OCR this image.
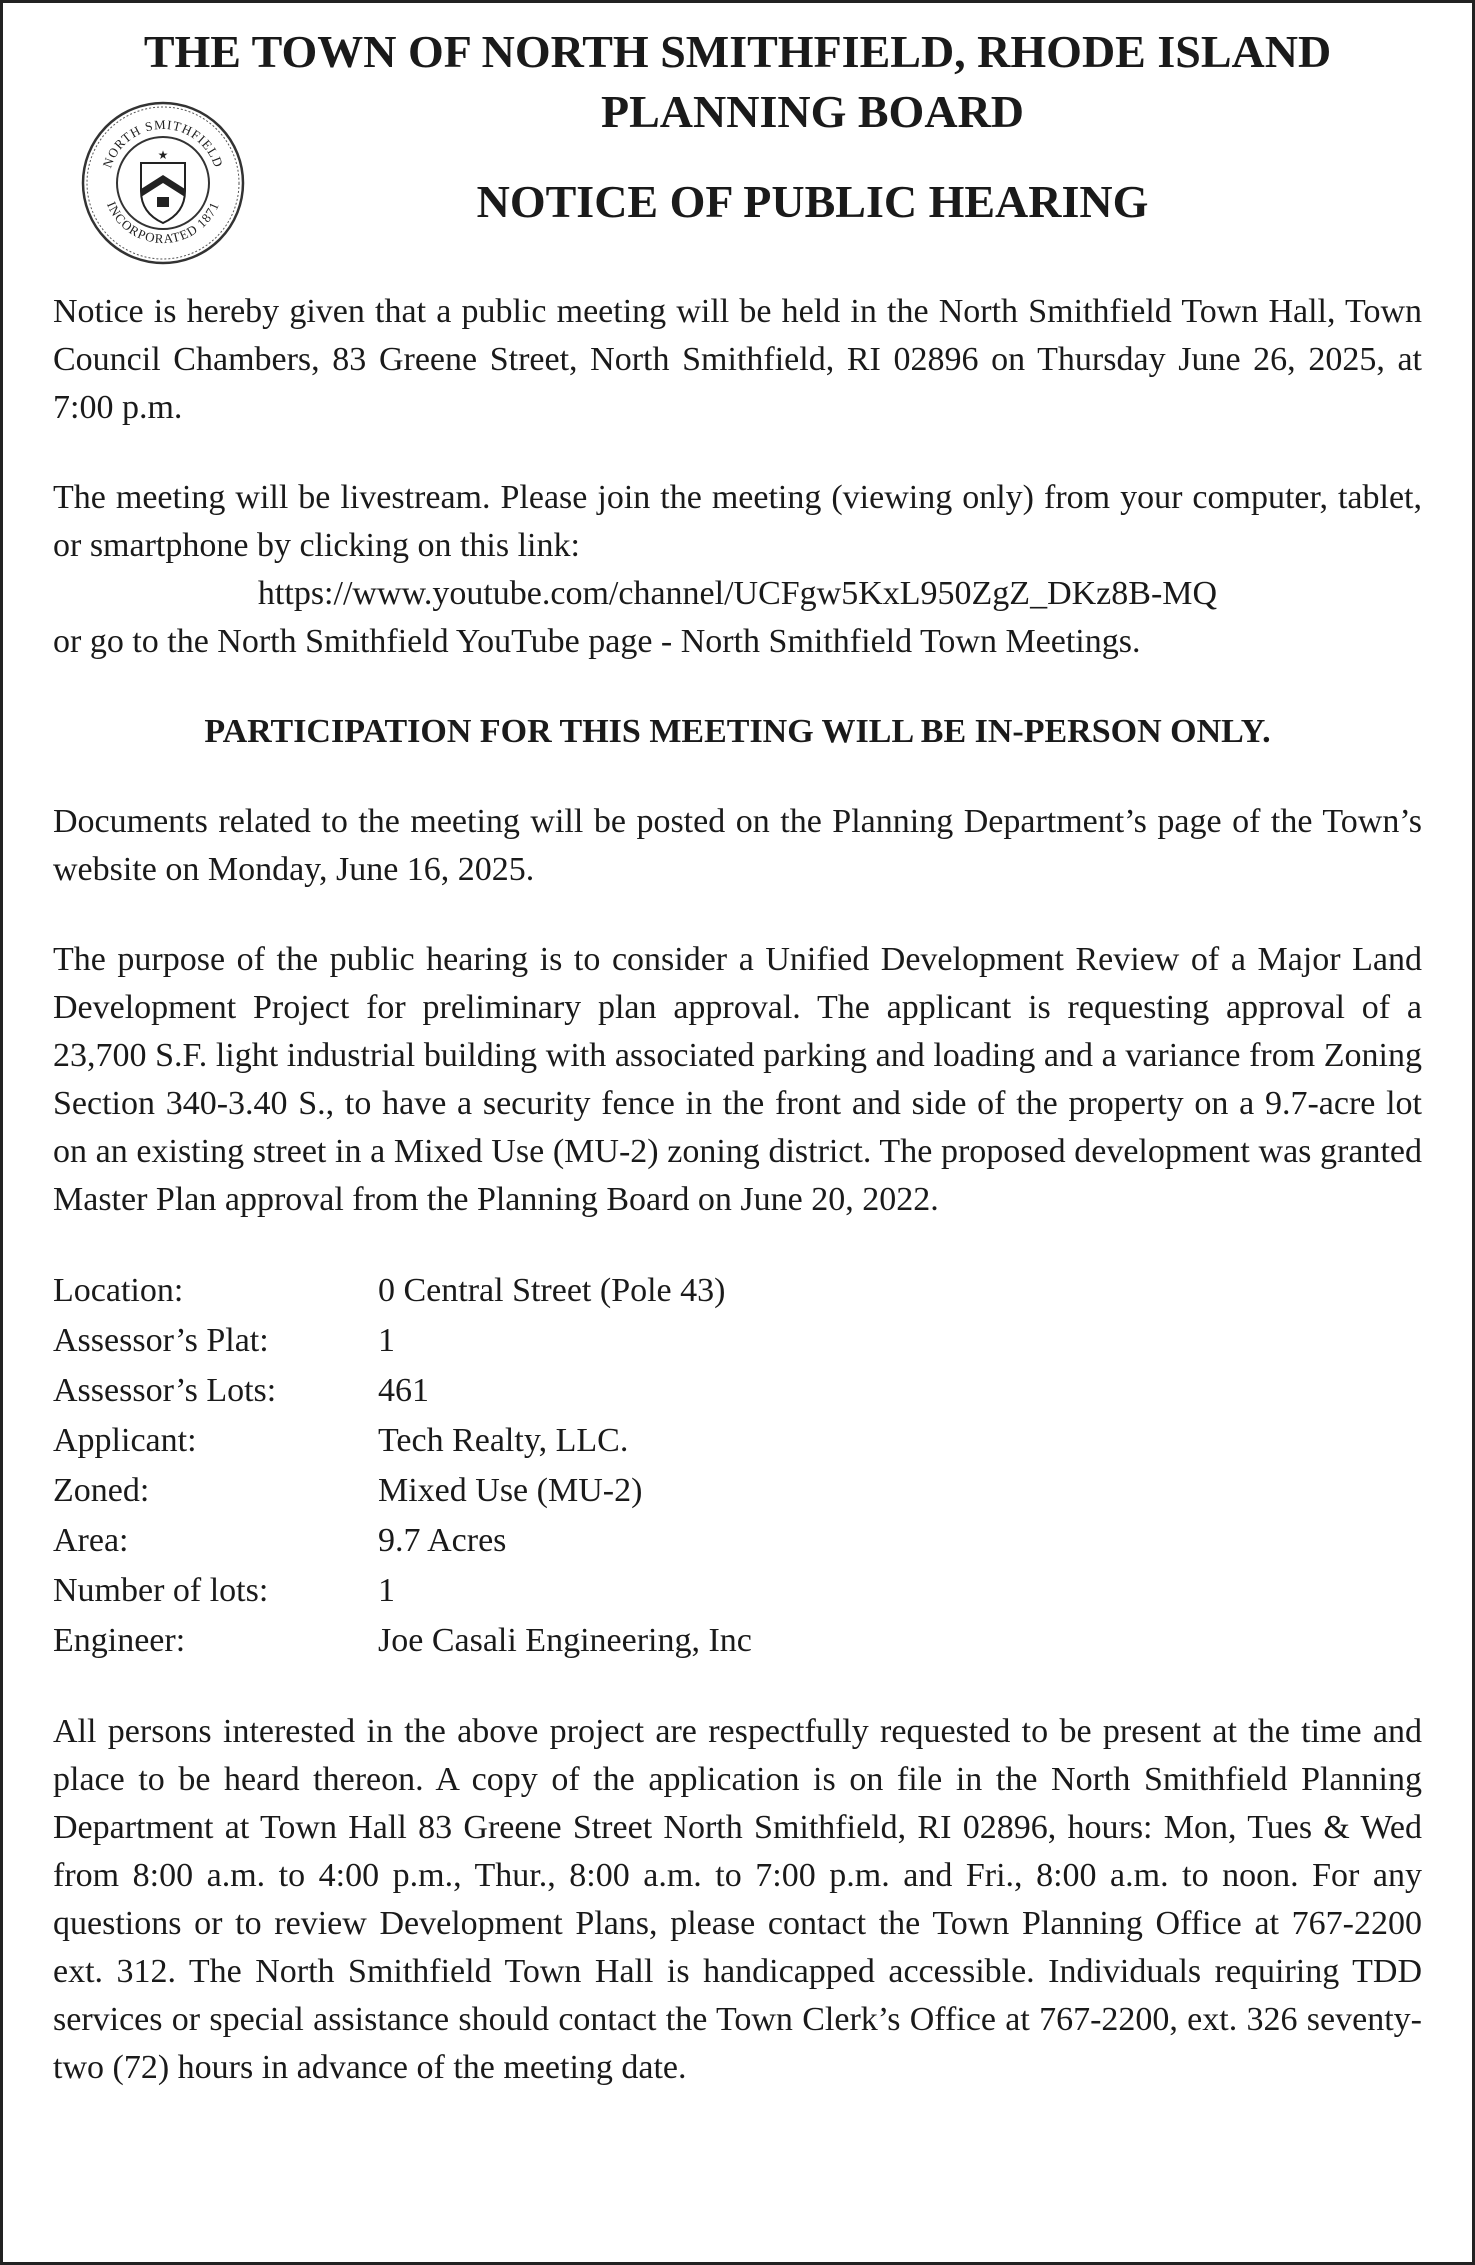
THE TOWN OF NORTH SMITHFIELD, RHODE ISLAND
PLANNING BOARD
NOTICE OF PUBLIC HEARING
NORTH SMITHFIELD
INCORPORATED 1871
★

Notice is hereby given that a public meeting will be held in the North Smithfield Town Hall, Town Council Chambers, 83 Greene Street, North Smithfield, RI 02896 on Thursday June 26, 2025, at 7:00 p.m.

The meeting will be livestream. Please join the meeting (viewing only) from your computer, tablet, or smartphone by clicking on this link:
https://www.youtube.com/channel/UCFgw5KxL950ZgZ_DKz8B-MQ
or go to the North Smithfield YouTube page - North Smithfield Town Meetings.

PARTICIPATION FOR THIS MEETING WILL BE IN-PERSON ONLY.

Documents related to the meeting will be posted on the Planning Department’s page of the Town’s website on Monday, June 16, 2025.

The purpose of the public hearing is to consider a Unified Development Review of a Major Land Development Project for preliminary plan approval. The applicant is requesting approval of a 23,700 S.F. light industrial building with associated parking and loading and a variance from Zoning Section 340-3.40 S., to have a security fence in the front and side of the property on a 9.7-acre lot on an existing street in a Mixed Use (MU-2) zoning district. The proposed development was granted Master Plan approval from the Planning Board on June 20, 2022.

Location:	0 Central Street (Pole 43)
Assessor’s Plat:	1
Assessor’s Lots:	461
Applicant:	Tech Realty, LLC.
Zoned:	Mixed Use (MU-2)
Area:	9.7 Acres
Number of lots:	1
Engineer:	Joe Casali Engineering, Inc

All persons interested in the above project are respectfully requested to be present at the time and place to be heard thereon. A copy of the application is on file in the North Smithfield Planning Department at Town Hall 83 Greene Street North Smithfield, RI 02896, hours: Mon, Tues & Wed from 8:00 a.m. to 4:00 p.m., Thur., 8:00 a.m. to 7:00 p.m. and Fri., 8:00 a.m. to noon. For any questions or to review Development Plans, please contact the Town Planning Office at 767-2200 ext. 312. The North Smithfield Town Hall is handicapped accessible. Individuals requiring TDD services or special assistance should contact the Town Clerk’s Office at 767-2200, ext. 326 seventy-two (72) hours in advance of the meeting date.
